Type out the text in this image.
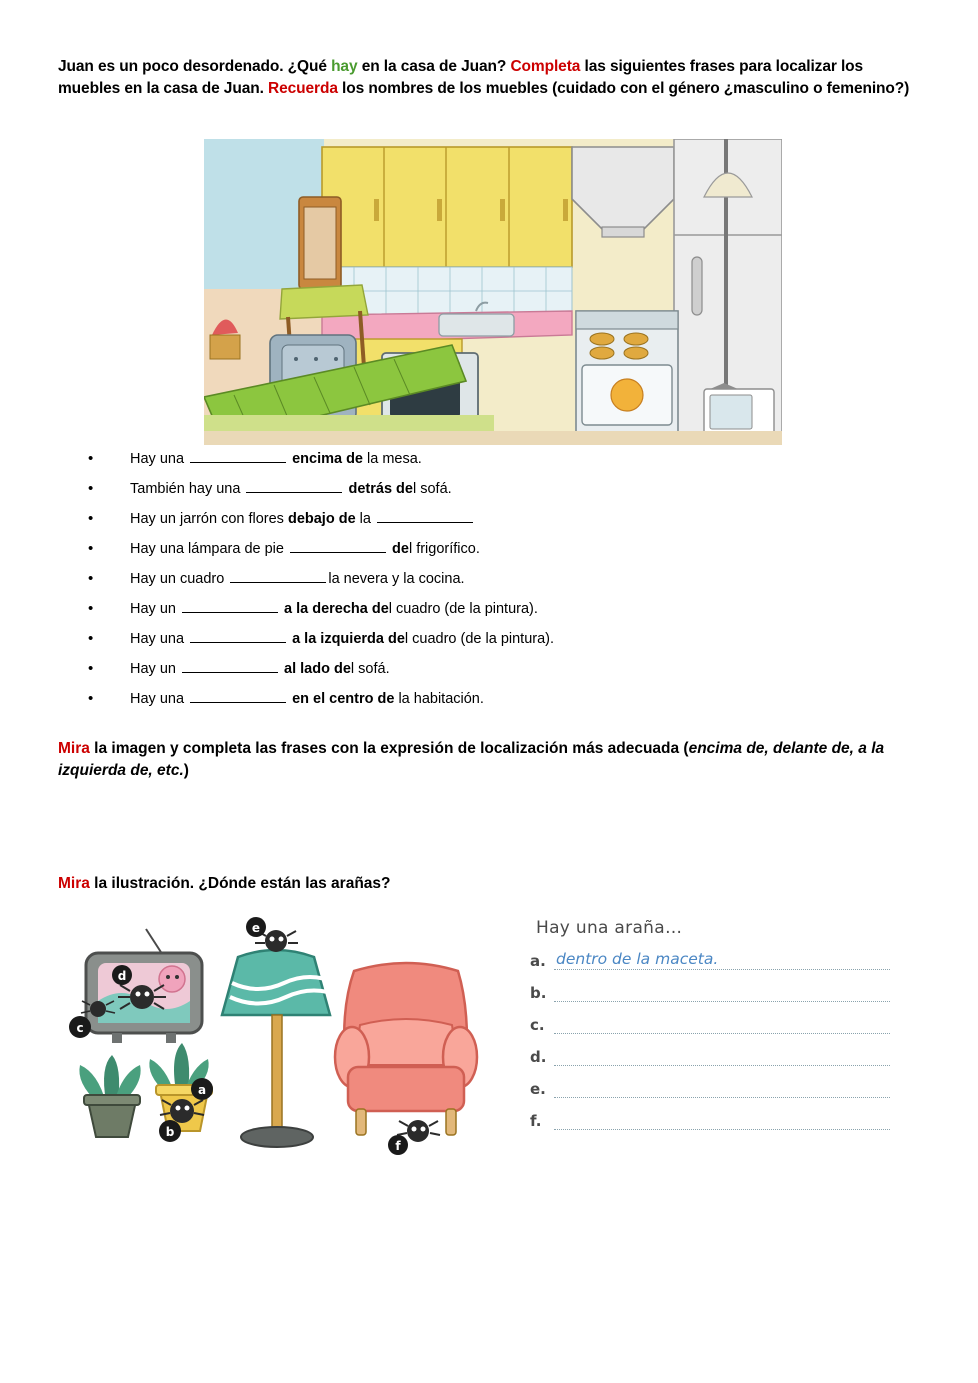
Juan es un poco desordenado. ¿Qué hay en la casa de Juan? Completa las siguientes frases para localizar los muebles en la casa de Juan. Recuerda los nombres de los muebles (cuidado con el género ¿masculino o femenino?)
•	Hay una	encima de la mesa.
•	También hay una	detrás del sofá.
•	Hay un jarrón con flores debajo de la
•	Hay una lámpara de pie	del frigorífico.
•	Hay un cuadro	la nevera y la cocina.
•	Hay un	a la derecha del cuadro (de la pintura).
•	Hay una	a la izquierda del cuadro (de la pintura).
•	Hay un	al lado del sofá.
•	Hay una	en el centro de la habitación.
Mira la imagen y completa las frases con la expresión de localización más adecuada (encima de, delante de, a la izquierda de, etc.)
Mira la ilustración. ¿Dónde están las arañas?
d
c
e
f
a
b
Hay una araña…
a. dentro de la maceta.
b.
c.
d.
e.
f.
